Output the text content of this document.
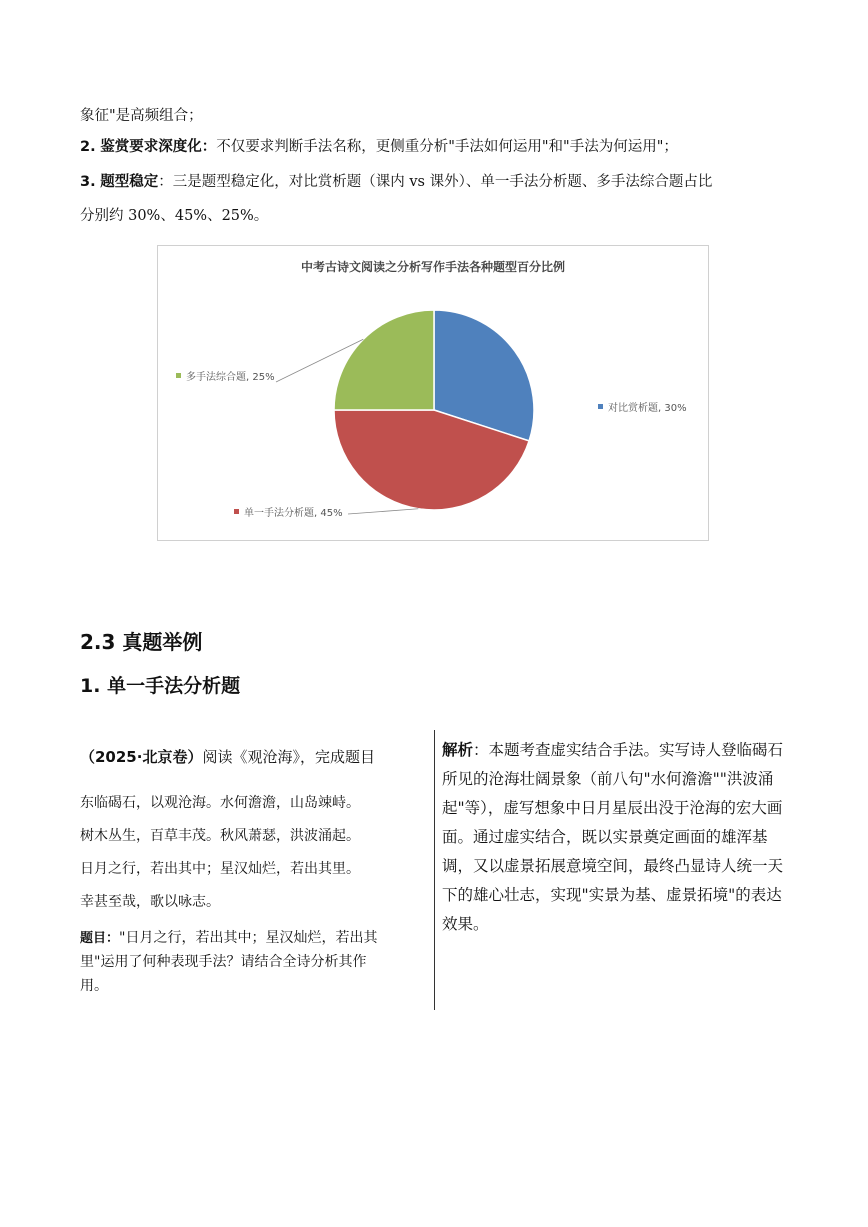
象征"是高频组合；
2. 鉴赏要求深度化：不仅要求判断手法名称，更侧重分析"手法如何运用"和"手法为何运用"；
3. 题型稳定：三是题型稳定化，对比赏析题（课内 vs 课外）、单一手法分析题、多手法综合题占比
分别约 30%、45%、25%。
中考古诗文阅读之分析写作手法各种题型百分比例
对比赏析题, 30%
单一手法分析题, 45%
多手法综合题, 25%
2.3 真题举例
1. 单一手法分析题
（2025·北京卷）阅读《观沧海》，完成题目
东临碣石，以观沧海。水何澹澹，山岛竦峙。
树木丛生，百草丰茂。秋风萧瑟，洪波涌起。
日月之行，若出其中；星汉灿烂，若出其里。
幸甚至哉，歌以咏志。
题目："日月之行，若出其中；星汉灿烂，若出其
里"运用了何种表现手法？请结合全诗分析其作
用。
解析：本题考查虚实结合手法。实写诗人登临碣石所见的沧海壮阔景象（前八句"水何澹澹""洪波涌起"等），虚写想象中日月星辰出没于沧海的宏大画面。通过虚实结合，既以实景奠定画面的雄浑基调，又以虚景拓展意境空间，最终凸显诗人统一天下的雄心壮志，实现"实景为基、虚景拓境"的表达效果。
